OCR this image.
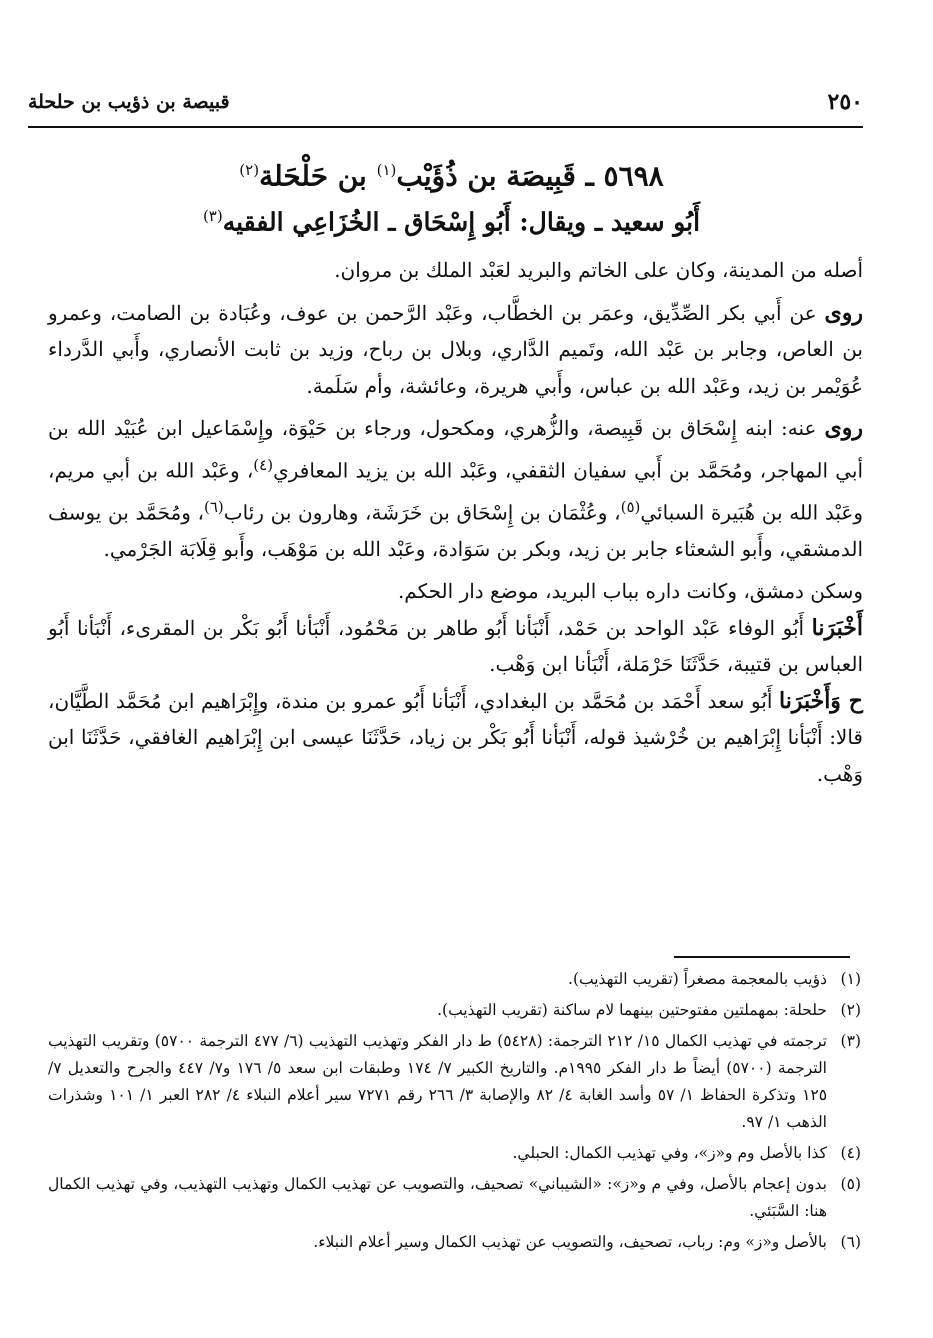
٢٥٠
قبيصة بن ذؤيب بن حلحلة
٥٦٩٨ ـ قَبِيصَة بن ذُؤَيْب$^{(١)}$ بن حَلْحَلة$^{(٢)}$
أَبُو سعيد ـ ويقال: أَبُو إِسْحَاق ـ الخُزَاعِي الفقيه$^{(٣)}$

أصله من المدينة، وكان على الخاتم والبريد لعَبْد الملك بن مروان.

روى عن أَبي بكر الصِّدِّيق، وعمَر بن الخطَّاب، وعَبْد الرَّحمن بن عوف، وعُبَادة بن الصامت، وعمرو بن العاص، وجابر بن عَبْد الله، وتَميم الدَّاري، وبلال بن رباح، وزيد بن ثابت الأنصاري، وأَبي الدَّرداء عُوَيْمر بن زيد، وعَبْد الله بن عباس، وأَبي هريرة، وعائشة، وأم سَلَمة.

روى عنه: ابنه إِسْحَاق بن قَبِيصة، والزُّهري، ومكحول، ورجاء بن حَيْوَة، وإِسْمَاعيل ابن عُبَيْد الله بن أبي المهاجر، ومُحَمَّد بن أَبي سفيان الثقفي، وعَبْد الله بن يزيد المعافري$^{(٤)}$، وعَبْد الله بن أبي مريم، وعَبْد الله بن هُبَيرة السبائي$^{(٥)}$، وعُثْمَان بن إِسْحَاق بن خَرَشَة، وهارون بن رئاب$^{(٦)}$، ومُحَمَّد بن يوسف الدمشقي، وأَبو الشعثاء جابر بن زيد، وبكر بن سَوَادة، وعَبْد الله بن مَوْهَب، وأَبو قِلَابَة الجَرْمي.

وسكن دمشق، وكانت داره بباب البريد، موضع دار الحكم.

أَخْبَرَنا أَبُو الوفاء عَبْد الواحد بن حَمْد، أَنْبَأنا أَبُو طاهر بن مَحْمُود، أَنْبَأنا أَبُو بَكْر بن المقرىء، أَنْبَأنا أَبُو العباس بن قتيبة، حَدَّثَنَا حَرْمَلة، أَنْبَأنا ابن وَهْب.

ح وَأَخْبَرَنا أَبُو سعد أَحْمَد بن مُحَمَّد بن البغدادي، أَنْبَأنا أَبُو عمرو بن مندة، وإِبْرَاهيم ابن مُحَمَّد الطَّيَّان، قالا: أَنْبَأنا إِبْرَاهيم بن خُرْشيذ قوله، أَنْبَأنا أَبُو بَكْر بن زياد، حَدَّثَنَا عيسى ابن إِبْرَاهيم الغافقي، حَدَّثَنَا ابن وَهْب.

(١)
ذؤيب بالمعجمة مصغراً (تقريب التهذيب).
(٢)
حلحلة: بمهملتين مفتوحتين بينهما لام ساكنة (تقريب التهذيب).
(٣)
ترجمته في تهذيب الكمال ١٥/ ٢١٢ الترجمة: (٥٤٢٨) ط دار الفكر وتهذيب التهذيب (٦/ ٤٧٧ الترجمة ٥٧٠٠) وتقريب التهذيب الترجمة (٥٧٠٠) أيضاً ط دار الفكر ١٩٩٥م. والتاريخ الكبير ٧/ ١٧٤ وطبقات ابن سعد ٥/ ١٧٦ و٧/ ٤٤٧ والجرح والتعديل ٧/ ١٢٥ وتذكرة الحفاظ ١/ ٥٧ وأسد الغابة ٤/ ٨٢ والإصابة ٣/ ٢٦٦ رقم ٧٢٧١ سير أعلام النبلاء ٤/ ٢٨٢ العبر ١/ ١٠١ وشذرات الذهب ١/ ٩٧.
(٤)
كذا بالأصل وم و«ز»، وفي تهذيب الكمال: الحبلي.
(٥)
بدون إعجام بالأصل، وفي م و«ز»: «الشيباني» تصحيف، والتصويب عن تهذيب الكمال وتهذيب التهذيب، وفي تهذيب الكمال هنا: السَّبَئي.
(٦)
بالأصل و«ز» وم: رباب، تصحيف، والتصويب عن تهذيب الكمال وسير أعلام النبلاء.
